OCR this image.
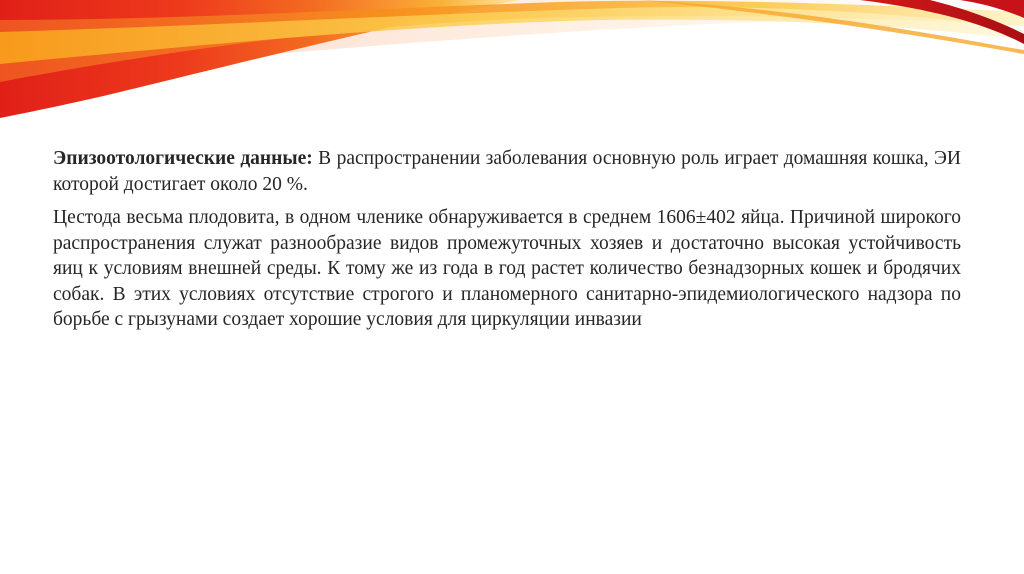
Эпизоотологические данные: В распространении заболевания основную роль играет домашняя кошка, ЭИ которой достигает около 20 %.

Цестода весьма плодовита, в одном членике обнаруживается в среднем 1606±402 яйца. Причиной широкого распространения служат разнообразие видов промежуточных хозяев и достаточно высокая устойчивость яиц к условиям внешней среды. К тому же из года в год растет количество безнадзорных кошек и бродячих собак. В этих условиях отсутствие строгого и планомерного санитарно-эпидемиологического надзора по борьбе с грызунами создает хорошие условия для циркуляции инвазии
